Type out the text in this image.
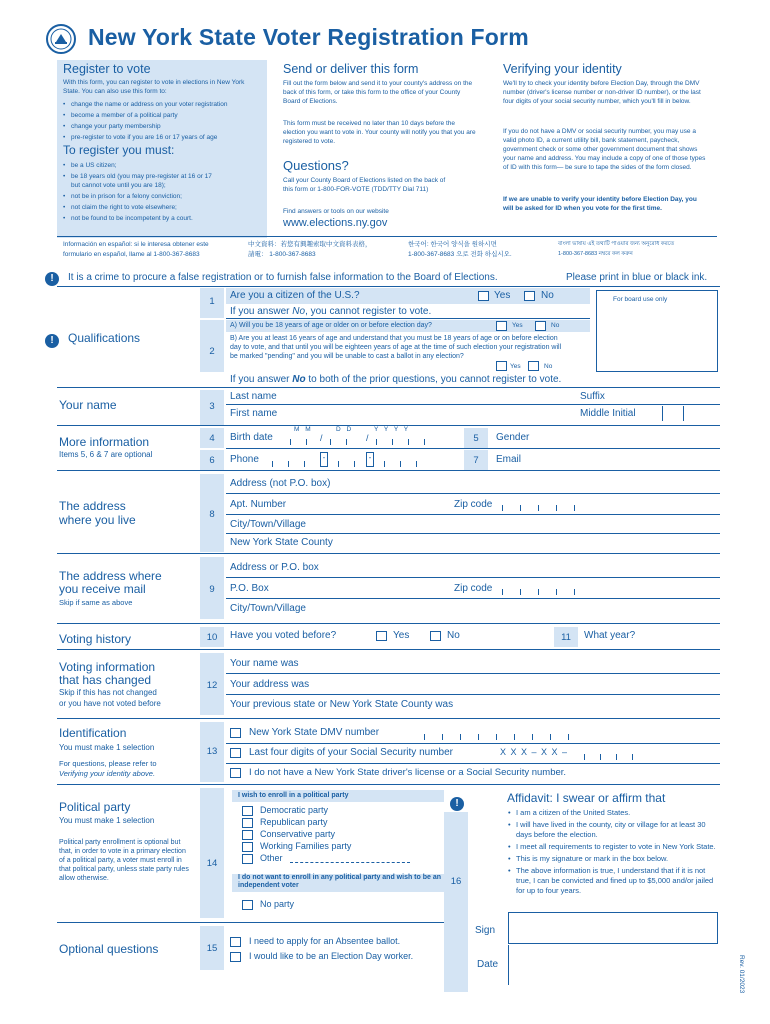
New York State Voter Registration Form
Register to vote
With this form, you can register to vote in elections in New York State. You can also use this form to:
• change the name or address on your voter registration
• become a member of a political party
• change your party membership
• pre-register to vote if you are 16 or 17 years of age
To register you must:
• be a US citizen;
• be 18 years old (you may pre-register at 16 or 17 but cannot vote until you are 18);
• not be in prison for a felony conviction;
• not claim the right to vote elsewhere;
• not be found to be incompetent by a court.
Send or deliver this form
Fill out the form below and send it to your county's address on the back of this form, or take this form to the office of your County Board of Elections.
This form must be received no later than 10 days before the election you want to vote in. Your county will notify you that you are registered to vote.
Questions?
Call your County Board of Elections listed on the back of this form or 1-800-FOR-VOTE (TDD/TTY Dial 711)
Find answers or tools on our website
www.elections.ny.gov
Verifying your identity
We'll try to check your identity before Election Day, through the DMV number (driver's license number or non-driver ID number), or the last four digits of your social security number, which you'll fill in below.
If you do not have a DMV or social security number, you may use a valid photo ID, a current utility bill, bank statement, paycheck, government check or some other government document that shows your name and address. You may include a copy of one of those types of ID with this form— be sure to tape the sides of the form closed.
If we are unable to verify your identity before Election Day, you will be asked for ID when you vote for the first time.
Información en español: si le interesa obtener este
formulario en español, llame al 1-800-367-8683
中文資料：若您有興趣索取中文資料表格，
請電： 1-800-367-8683
한국어: 한국어 양식을 원하시면
1-800-367-8683 으로 전화 하십시오.
বাংলা ভাষায় এই তথ্যটি পাওয়ার জন্য অনুরোধ করতে
1-800-367-8683 নম্বরে কল করুন
!	It is a crime to procure a false registration or to furnish false information to the Board of Elections.	Please print in blue or black ink.
!	Qualifications
1
Are you a citizen of the U.S.?	Yes	No
If you answer No, you cannot register to vote.
For board use only
2
A) Will you be 18 years of age or older on or before election day?	Yes	No
B) Are you at least 16 years of age and understand that you must be 18 years of age or on before election day to vote, and that until you will be eighteen years of age at the time of such election your registration will be marked "pending" and you will be unable to cast a ballot in any election?
Yes	No
If you answer No to both of the prior questions, you cannot register to vote.
Your name	3
Last name	Suffix
First name	Middle Initial
More information
Items 5, 6 & 7 are optional
4	Birth date
M M	D D	Y Y Y Y
/	/	5	Gender
6	Phone	-	-	7	Email
The address
where you live	8
Address (not P.O. box)
Apt. Number	Zip code
City/Town/Village
New York State County
The address where
you receive mail
Skip if same as above
9
Address or P.O. box
P.O. Box	Zip code
City/Town/Village
Voting history	10	Have you voted before?	Yes	No	11	What year?
Voting information
that has changed
Skip if this has not changed
or you have not voted before
12
Your name was
Your address was
Your previous state or New York State County was
Identification
You must make 1 selection
For questions, please refer to
Verifying your identity above.
13
New York State DMV number
Last four digits of your Social Security number	X X X – X X –
I do not have a New York State driver's license or a Social Security number.
Political party
You must make 1 selection
Political party enrollment is optional but that, in order to vote in a primary election of a political party, a voter must enroll in that political party, unless state party rules allow otherwise.
14
I wish to enroll in a political party
Democratic party
Republican party
Conservative party
Working Families party
Other
I do not want to enroll in any political party and wish to be an independent voter
No party
!
16
Affidavit: I swear or affirm that
• I am a citizen of the United States.
• I will have lived in the county, city or village for at least 30 days before the election.
• I meet all requirements to register to vote in New York State.
• This is my signature or mark in the box below.
• The above information is true, I understand that if it is not true, I can be convicted and fined up to $5,000 and/or jailed for up to four years.
Sign
Date
Optional questions	15
I need to apply for an Absentee ballot.
I would like to be an Election Day worker.	Rev. 01/2023
